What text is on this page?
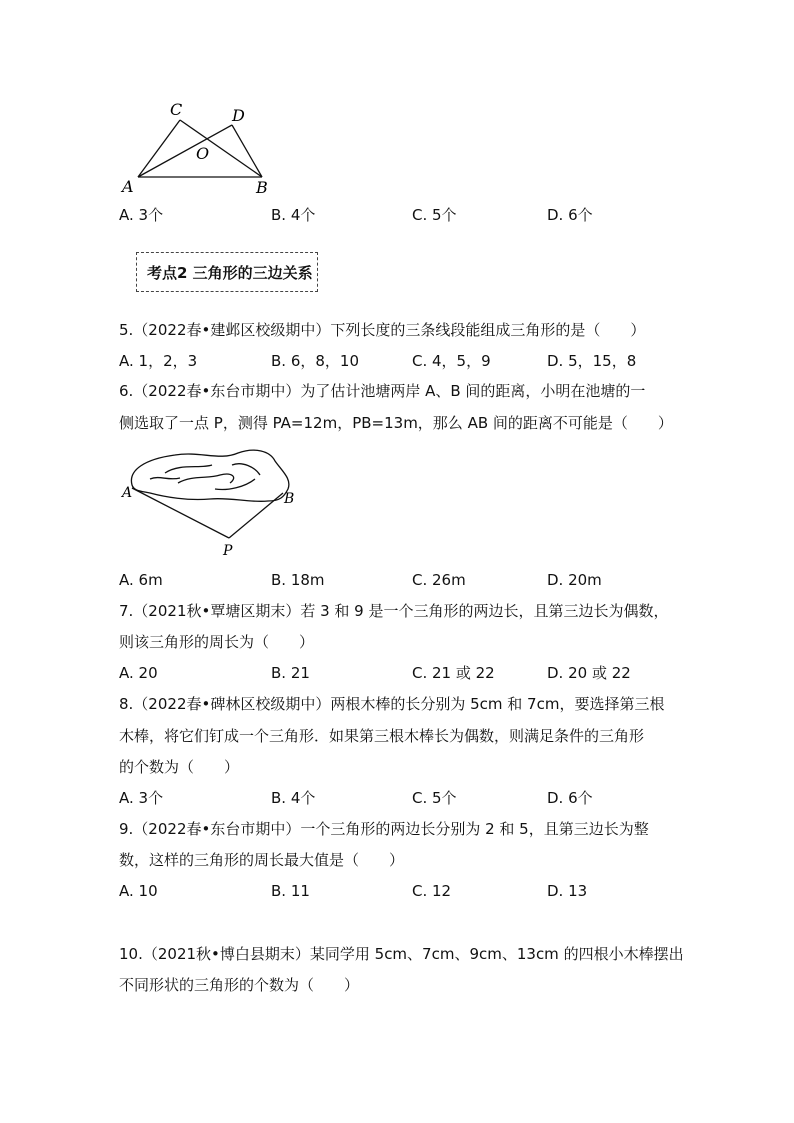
C	D
O
A	B
A. 3个	B. 4个	C. 5个	D. 6个
考点2 三角形的三边关系
5.（2022春•建邺区校级期中）下列长度的三条线段能组成三角形的是（　　）
A. 1，2，3	B. 6，8，10	C. 4，5，9	D. 5，15，8
6.（2022春•东台市期中）为了估计池塘两岸 A、B 间的距离，小明在池塘的一
侧选取了一点 P，测得 PA=12m，PB=13m，那么 AB 间的距离不可能是（　　）
A	B
P
A. 6m	B. 18m	C. 26m	D. 20m
7.（2021秋•覃塘区期末）若 3 和 9 是一个三角形的两边长，且第三边长为偶数，
则该三角形的周长为（　　）
A. 20	B. 21	C. 21 或 22	D. 20 或 22
8.（2022春•碑林区校级期中）两根木棒的长分别为 5cm 和 7cm，要选择第三根
木棒，将它们钉成一个三角形．如果第三根木棒长为偶数，则满足条件的三角形
的个数为（　　）
A. 3个	B. 4个	C. 5个	D. 6个
9.（2022春•东台市期中）一个三角形的两边长分别为 2 和 5，且第三边长为整
数，这样的三角形的周长最大值是（　　）
A. 10	B. 11	C. 12	D. 13
10.（2021秋•博白县期末）某同学用 5cm、7cm、9cm、13cm 的四根小木棒摆出
不同形状的三角形的个数为（　　）
